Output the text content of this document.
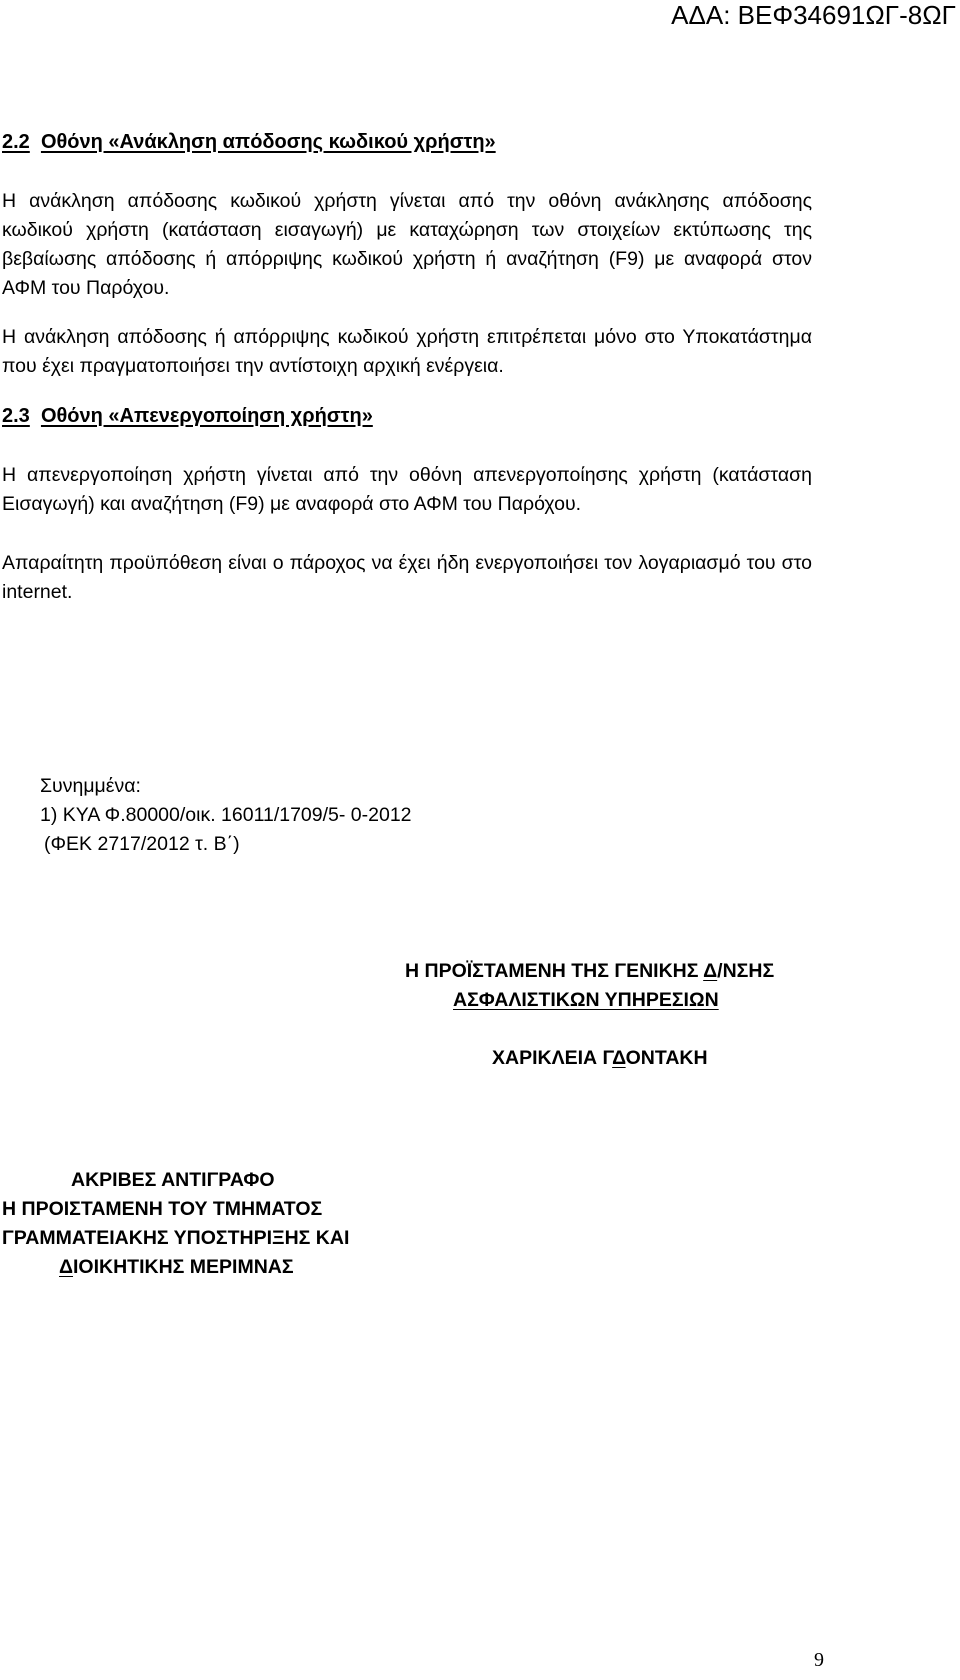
ΑΔΑ: ΒΕΦ34691ΩΓ-8ΩΓ
2.2 Οθόνη «Ανάκληση απόδοσης κωδικού χρήστη»

Η ανάκληση απόδοσης κωδικού χρήστη γίνεται από την οθόνη ανάκλησης απόδοσης κωδικού χρήστη (κατάσταση εισαγωγή) με καταχώρηση των στοιχείων εκτύπωσης της βεβαίωσης απόδοσης ή απόρριψης κωδικού χρήστη ή αναζήτηση (F9) με αναφορά στον ΑΦΜ του Παρόχου.

Η ανάκληση απόδοσης ή απόρριψης κωδικού χρήστη επιτρέπεται μόνο στο Υποκατάστημα που έχει πραγματοποιήσει την αντίστοιχη αρχική ενέργεια.

2.3 Οθόνη «Απενεργοποίηση χρήστη»

Η απενεργοποίηση χρήστη γίνεται από την οθόνη απενεργοποίησης χρήστη (κατάσταση Εισαγωγή) και αναζήτηση (F9) με αναφορά στο ΑΦΜ του Παρόχου.

Απαραίτητη προϋπόθεση είναι ο πάροχος να έχει ήδη ενεργοποιήσει τον λογαριασμό του στο internet.

Συνημμένα:
1) ΚΥΑ Φ.80000/οικ. 16011/1709/5- 0-2012
(ΦΕΚ 2717/2012 τ. Β΄)
Η ΠΡΟΪΣΤΑΜΕΝΗ ΤΗΣ ΓΕΝΙΚΗΣ Δ/ΝΣΗΣ
ΑΣΦΑΛΙΣΤΙΚΩΝ ΥΠΗΡΕΣΙΩΝ
ΧΑΡΙΚΛΕΙΑ ΓΔΟΝΤΑΚΗ
ΑΚΡΙΒΕΣ ΑΝΤΙΓΡΑΦΟ
Η ΠΡΟΙΣΤΑΜΕΝΗ ΤΟΥ ΤΜΗΜΑΤΟΣ
ΓΡΑΜΜΑΤΕΙΑΚΗΣ ΥΠΟΣΤΗΡΙΞΗΣ ΚΑΙ
ΔΙΟΙΚΗΤΙΚΗΣ ΜΕΡΙΜΝΑΣ
9
